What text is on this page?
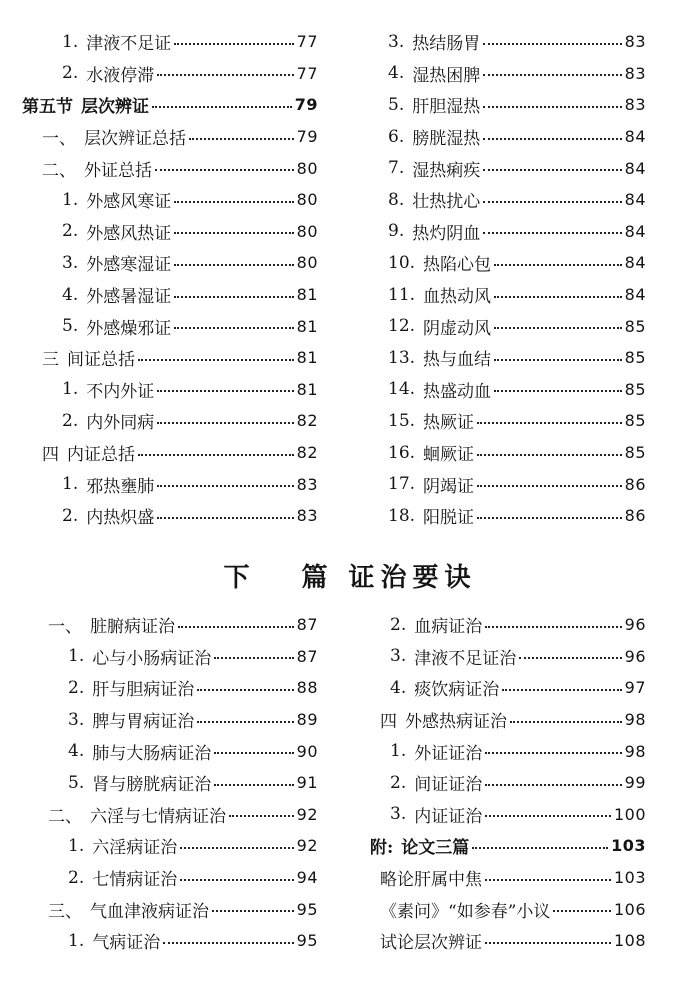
1. 津液不足证	77
2. 水液停滞	77
第五节 层次辨证	79
一、 层次辨证总括	79
二、 外证总括	80
1. 外感风寒证	80
2. 外感风热证	80
3. 外感寒湿证	80
4. 外感暑湿证	81
5. 外感燥邪证	81
三 间证总括	81
1. 不内外证	81
2. 内外同病	82
四 内证总括	82
1. 邪热壅肺	83
2. 内热炽盛	83
3. 热结肠胃	83
4. 湿热困脾	83
5. 肝胆湿热	83
6. 膀胱湿热	84
7. 湿热痢疾	84
8. 壮热扰心	84
9. 热灼阴血	84
10. 热陷心包	84
11. 血热动风	84
12. 阴虚动风	85
13. 热与血结	85
14. 热盛动血	85
15. 热厥证	85
16. 蛔厥证	85
17. 阴竭证	86
18. 阳脱证	86
下 篇 证治要诀
一、 脏腑病证治	87
1. 心与小肠病证治	87
2. 肝与胆病证治	88
3. 脾与胃病证治	89
4. 肺与大肠病证治	90
5. 肾与膀胱病证治	91
二、 六淫与七情病证治	92
1. 六淫病证治	92
2. 七情病证治	94
三、 气血津液病证治	95
1. 气病证治	95
2. 血病证治	96
3. 津液不足证治	96
4. 痰饮病证治	97
四 外感热病证治	98
1. 外证证治	98
2. 间证证治	99
3. 内证证治	100
附: 论文三篇	103
略论肝属中焦	103
《素问》“如参春”小议	106
试论层次辨证	108
